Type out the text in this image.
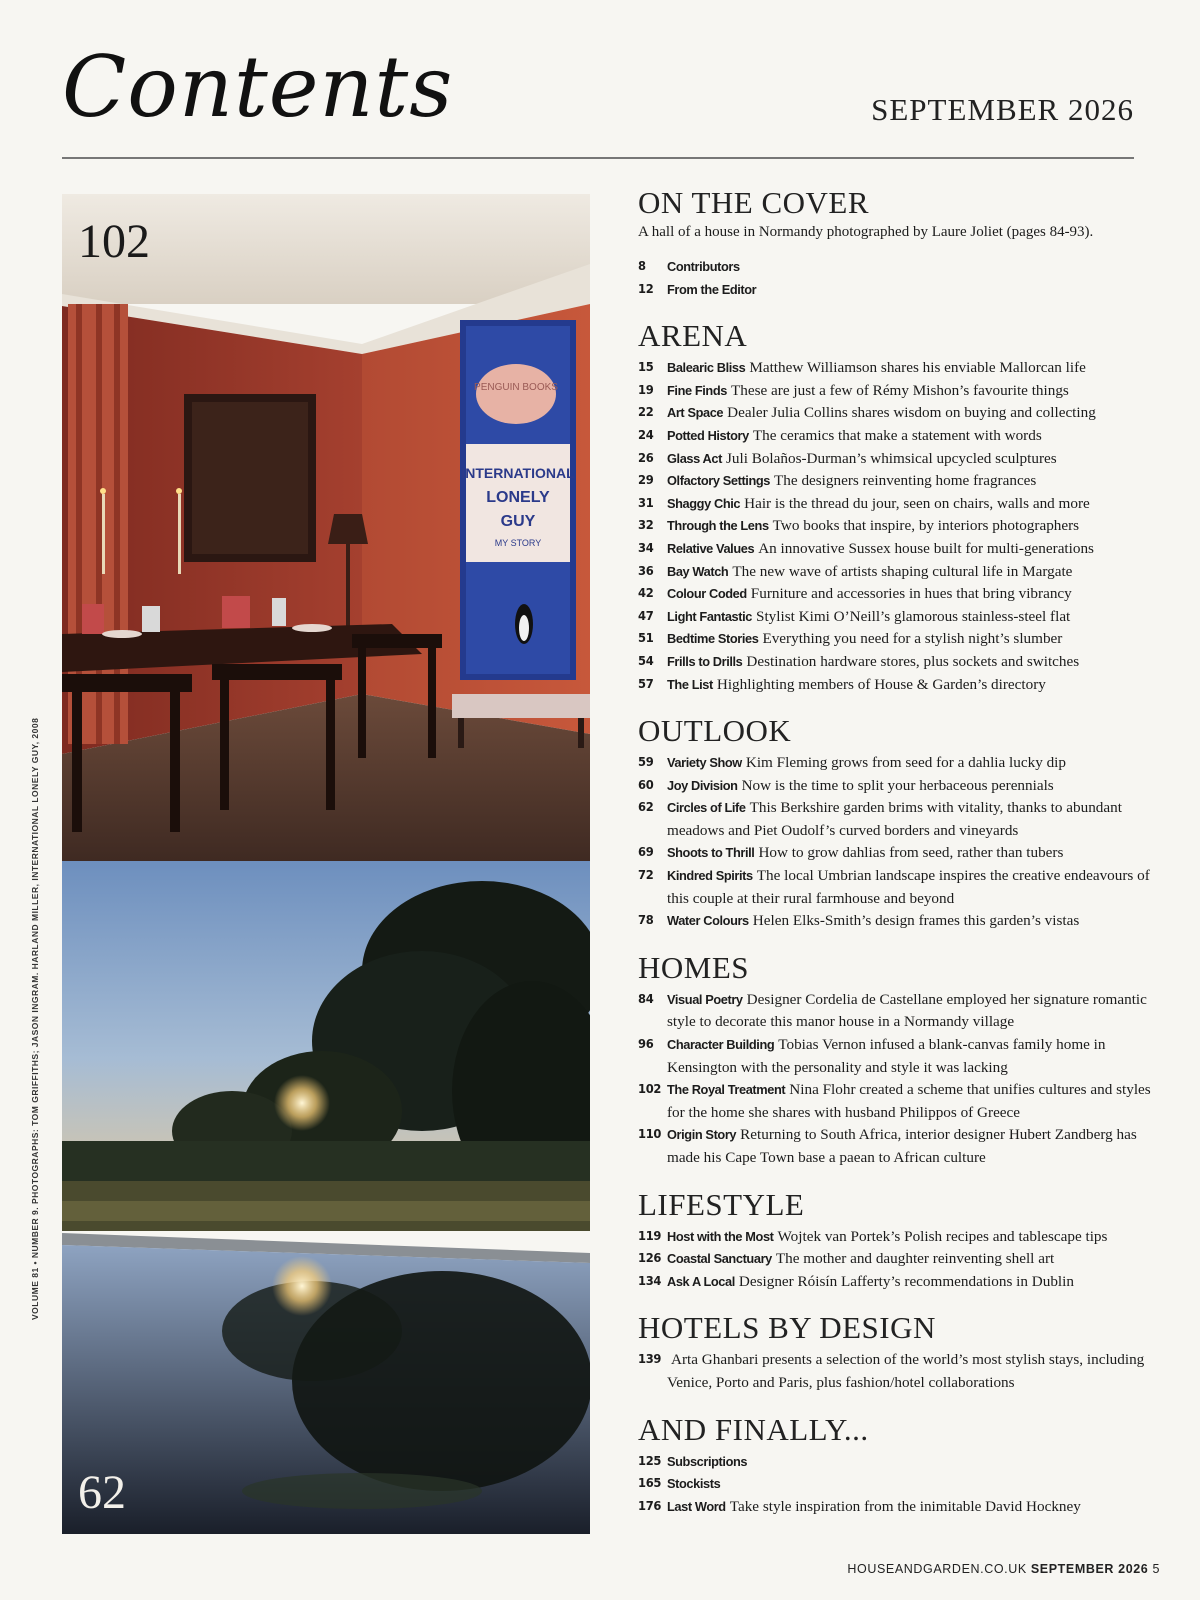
Contents	SEPTEMBER 2026
102
PENGUIN BOOKS
INTERNATIONAL
LONELY
GUY
MY STORY
62
VOLUME 81 • NUMBER 9. PHOTOGRAPHS: TOM GRIFFITHS; JASON INGRAM. HARLAND MILLER, INTERNATIONAL LONELY GUY, 2008
ON THE COVER

A hall of a house in Normandy photographed by Laure Joliet (pages 84-93).

8	Contributors
12	From the Editor
ARENA
15	Balearic Bliss Matthew Williamson shares his enviable Mallorcan life
19	Fine Finds These are just a few of Rémy Mishon’s favourite things
22	Art Space Dealer Julia Collins shares wisdom on buying and collecting
24	Potted History The ceramics that make a statement with words
26	Glass Act Juli Bolaños-Durman’s whimsical upcycled sculptures
29	Olfactory Settings The designers reinventing home fragrances
31	Shaggy Chic Hair is the thread du jour, seen on chairs, walls and more
32	Through the Lens Two books that inspire, by interiors photographers
34	Relative Values An innovative Sussex house built for multi-generations
36	Bay Watch The new wave of artists shaping cultural life in Margate
42	Colour Coded Furniture and accessories in hues that bring vibrancy
47	Light Fantastic Stylist Kimi O’Neill’s glamorous stainless-steel flat
51	Bedtime Stories Everything you need for a stylish night’s slumber
54	Frills to Drills Destination hardware stores, plus sockets and switches
57	The List Highlighting members of House & Garden’s directory
OUTLOOK
59	Variety Show Kim Fleming grows from seed for a dahlia lucky dip
60	Joy Division Now is the time to split your herbaceous perennials
62	Circles of Life This Berkshire garden brims with vitality, thanks to abundant meadows and Piet Oudolf’s curved borders and vineyards
69	Shoots to Thrill How to grow dahlias from seed, rather than tubers
72	Kindred Spirits The local Umbrian landscape inspires the creative endeavours of this couple at their rural farmhouse and beyond
78	Water Colours Helen Elks-Smith’s design frames this garden’s vistas
HOMES
84	Visual Poetry Designer Cordelia de Castellane employed her signature romantic style to decorate this manor house in a Normandy village
96	Character Building Tobias Vernon infused a blank-canvas family home in Kensington with the personality and style it was lacking
102 The Royal Treatment Nina Flohr created a scheme that unifies cultures and styles for the home she shares with husband Philippos of Greece
110 Origin Story Returning to South Africa, interior designer Hubert Zandberg has made his Cape Town base a paean to African culture
LIFESTYLE
119 Host with the Most Wojtek van Portek’s Polish recipes and tablescape tips
126 Coastal Sanctuary The mother and daughter reinventing shell art
134 Ask A Local Designer Róisín Lafferty’s recommendations in Dublin
HOTELS BY DESIGN
139 Arta Ghanbari presents a selection of the world’s most stylish stays, including Venice, Porto and Paris, plus fashion/hotel collaborations
AND FINALLY...
125 Subscriptions
165 Stockists
176 Last Word Take style inspiration from the inimitable David Hockney
HOUSEANDGARDEN.CO.UK SEPTEMBER 2026 5
